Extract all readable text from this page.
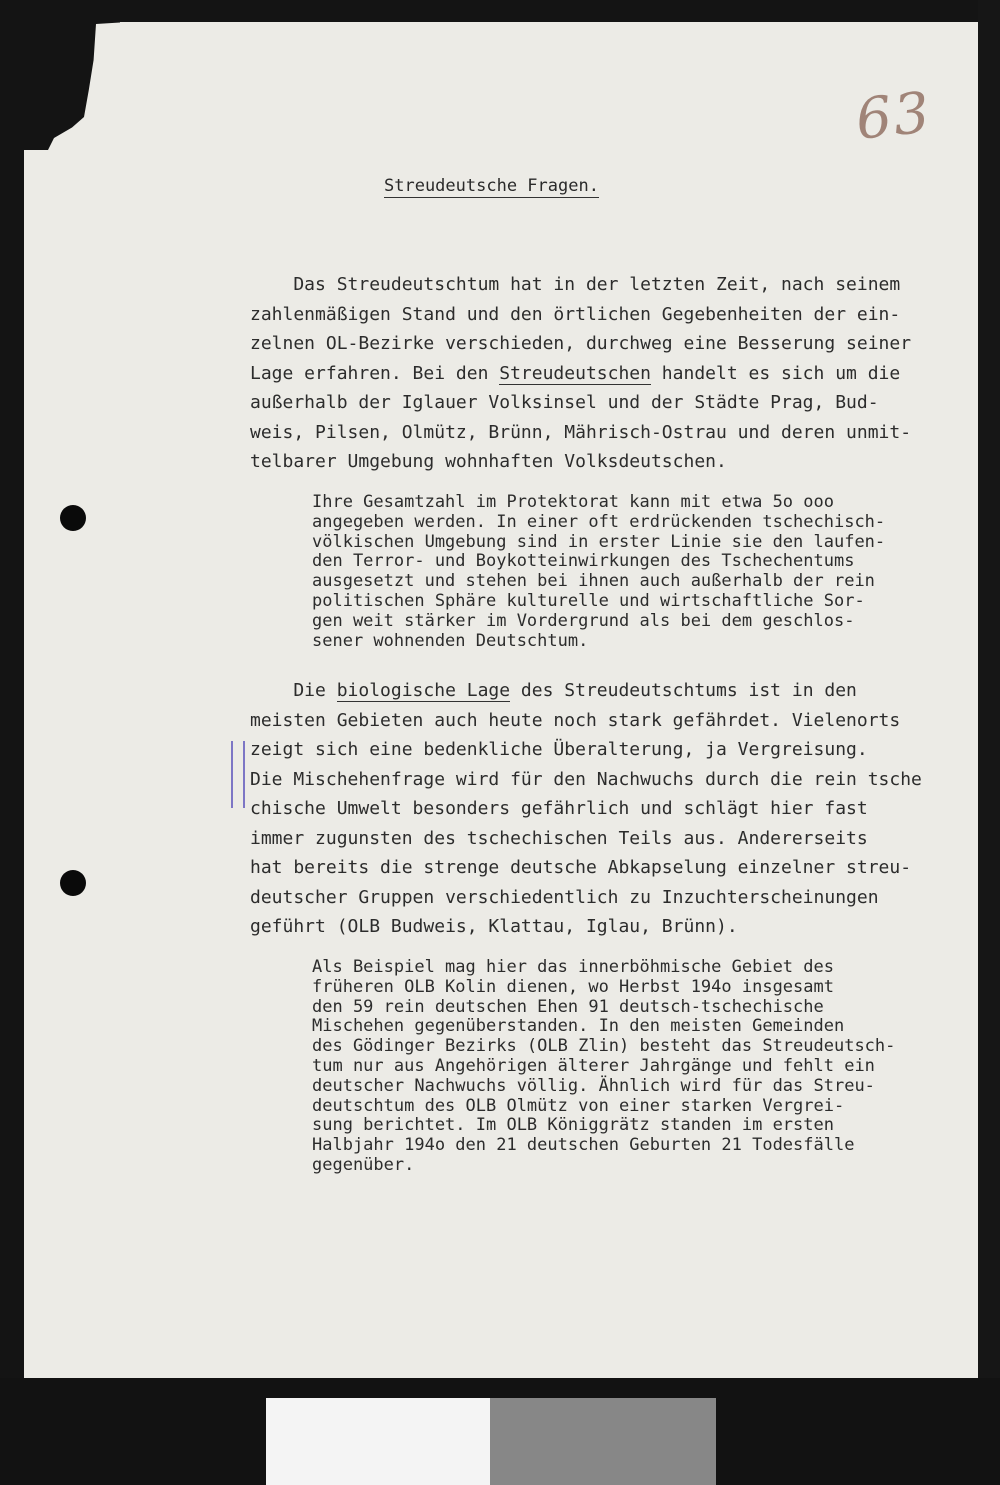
63
Streudeutsche Fragen.
Das Streudeutschtum hat in der letzten Zeit, nach seinem
zahlenmäßigen Stand und den örtlichen Gegebenheiten der ein-
zelnen OL-Bezirke verschieden, durchweg eine Besserung seiner
Lage erfahren. Bei den Streudeutschen handelt es sich um die
außerhalb der Iglauer Volksinsel und der Städte Prag, Bud-
weis, Pilsen, Olmütz, Brünn, Mährisch-Ostrau und deren unmit-
telbarer Umgebung wohnhaften Volksdeutschen.
Ihre Gesamtzahl im Protektorat kann mit etwa 5o ooo
angegeben werden. In einer oft erdrückenden tschechisch-
völkischen Umgebung sind in erster Linie sie den laufen-
den Terror- und Boykotteinwirkungen des Tschechentums
ausgesetzt und stehen bei ihnen auch außerhalb der rein
politischen Sphäre kulturelle und wirtschaftliche Sor-
gen weit stärker im Vordergrund als bei dem geschlos-
sener wohnenden Deutschtum.
Die biologische Lage des Streudeutschtums ist in den
meisten Gebieten auch heute noch stark gefährdet. Vielenorts
zeigt sich eine bedenkliche Überalterung, ja Vergreisung.
Die Mischehenfrage wird für den Nachwuchs durch die rein tsche
chische Umwelt besonders gefährlich und schlägt hier fast
immer zugunsten des tschechischen Teils aus. Andererseits
hat bereits die strenge deutsche Abkapselung einzelner streu-
deutscher Gruppen verschiedentlich zu Inzuchterscheinungen
geführt (OLB Budweis, Klattau, Iglau, Brünn).
Als Beispiel mag hier das innerböhmische Gebiet des
früheren OLB Kolin dienen, wo Herbst 194o insgesamt
den 59 rein deutschen Ehen 91 deutsch-tschechische
Mischehen gegenüberstanden. In den meisten Gemeinden
des Gödinger Bezirks (OLB Zlin) besteht das Streudeutsch-
tum nur aus Angehörigen älterer Jahrgänge und fehlt ein
deutscher Nachwuchs völlig. Ähnlich wird für das Streu-
deutschtum des OLB Olmütz von einer starken Vergrei-
sung berichtet. Im OLB Königgrätz standen im ersten
Halbjahr 194o den 21 deutschen Geburten 21 Todesfälle
gegenüber.
